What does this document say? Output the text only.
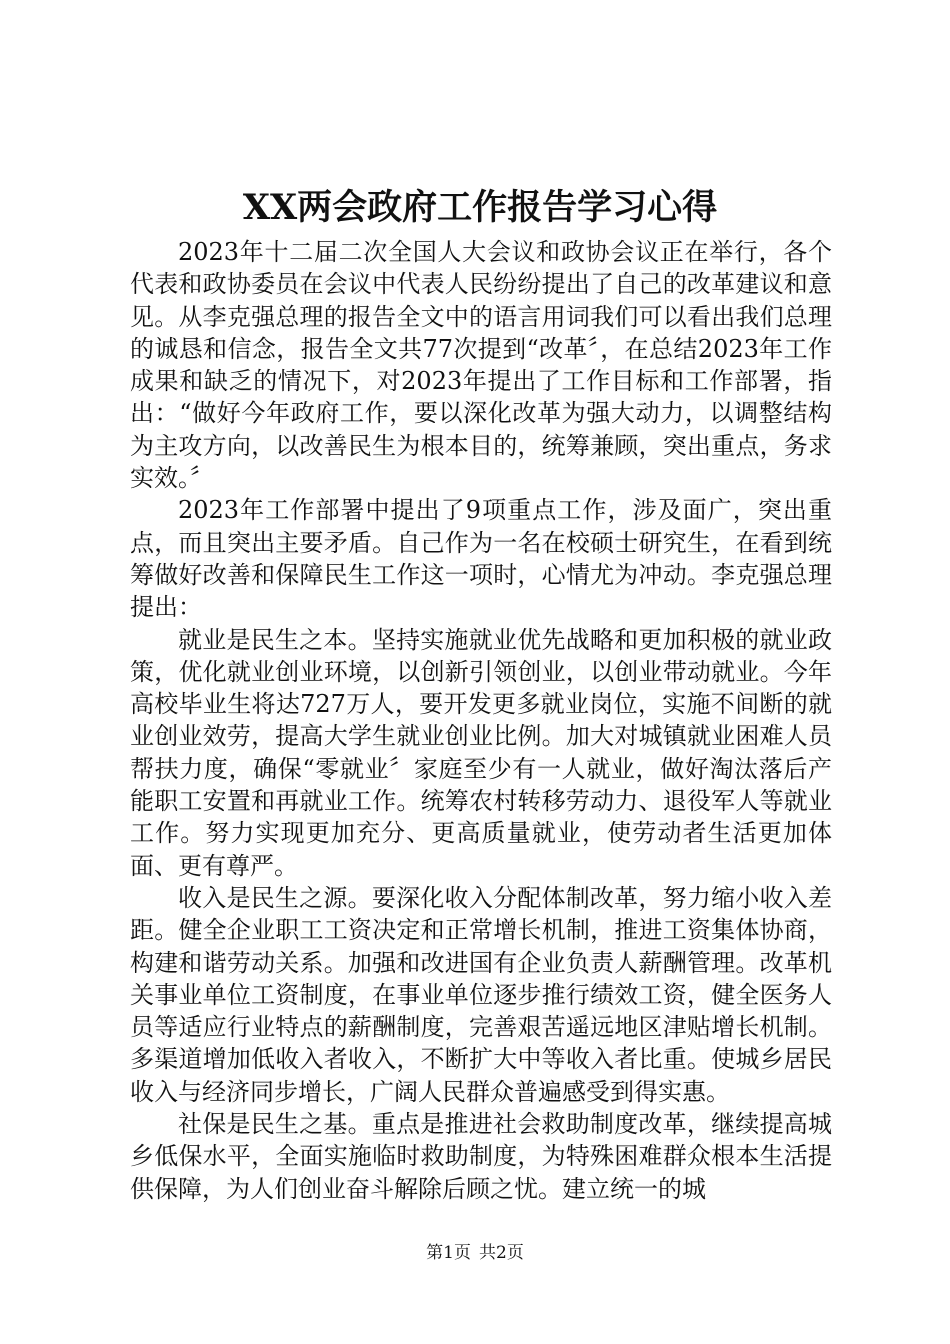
XX两会政府工作报告学习心得

2023年十二届二次全国人大会议和政协会议正在举行，各个代表和政协委员在会议中代表人民纷纷提出了自己的改革建议和意见。从李克强总理的报告全文中的语言用词我们可以看出我们总理的诚恳和信念，报告全文共77次提到“改革〞，在总结2023年工作成果和缺乏的情况下，对2023年提出了工作目标和工作部署，指出：“做好今年政府工作，要以深化改革为强大动力，以调整结构为主攻方向，以改善民生为根本目的，统筹兼顾，突出重点，务求实效。〞

2023年工作部署中提出了9项重点工作，涉及面广，突出重点，而且突出主要矛盾。自己作为一名在校硕士研究生，在看到统筹做好改善和保障民生工作这一项时，心情尤为冲动。李克强总理提出：

就业是民生之本。坚持实施就业优先战略和更加积极的就业政策，优化就业创业环境，以创新引领创业，以创业带动就业。今年高校毕业生将达727万人，要开发更多就业岗位，实施不间断的就业创业效劳，提高大学生就业创业比例。加大对城镇就业困难人员帮扶力度，确保“零就业〞家庭至少有一人就业，做好淘汰落后产能职工安置和再就业工作。统筹农村转移劳动力、退役军人等就业工作。努力实现更加充分、更高质量就业，使劳动者生活更加体面、更有尊严。

收入是民生之源。要深化收入分配体制改革，努力缩小收入差距。健全企业职工工资决定和正常增长机制，推进工资集体协商，构建和谐劳动关系。加强和改进国有企业负责人薪酬管理。改革机关事业单位工资制度，在事业单位逐步推行绩效工资，健全医务人员等适应行业特点的薪酬制度，完善艰苦遥远地区津贴增长机制。多渠道增加低收入者收入，不断扩大中等收入者比重。使城乡居民收入与经济同步增长，广阔人民群众普遍感受到得实惠。

社保是民生之基。重点是推进社会救助制度改革，继续提高城乡低保水平，全面实施临时救助制度，为特殊困难群众根本生活提供保障，为人们创业奋斗解除后顾之忧。建立统一的城

第1页 共2页
